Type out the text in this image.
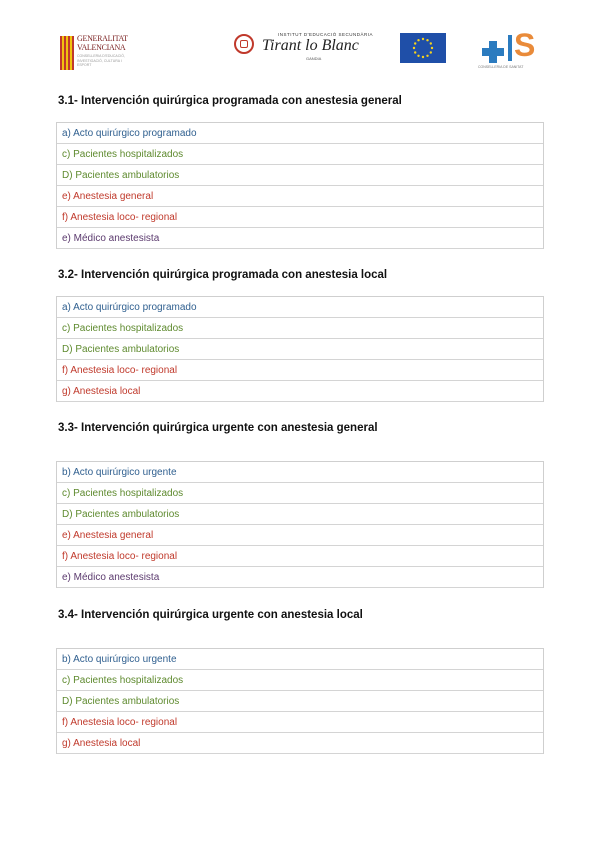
GENERALITAT VALENCIANA
CONSELLERIA D'EDUCACIÓ, INVESTIGACIÓ, CULTURA I ESPORT
INSTITUT D'EDUCACIÓ SECUNDÀRIA
Tirant lo Blanc
GANDIA	S
CONSELLERIA DE SANITAT
3.1- Intervención quirúrgica programada con anestesia general
a) Acto quirúrgico programado
c) Pacientes hospitalizados
D) Pacientes ambulatorios
e) Anestesia general
f) Anestesia loco- regional
e) Médico anestesista
3.2- Intervención quirúrgica programada con anestesia local
a) Acto quirúrgico programado
c) Pacientes hospitalizados
D) Pacientes ambulatorios
f) Anestesia loco- regional
g) Anestesia local
3.3- Intervención quirúrgica urgente con anestesia general
b) Acto quirúrgico urgente
c) Pacientes hospitalizados
D) Pacientes ambulatorios
e) Anestesia general
f) Anestesia loco- regional
e) Médico anestesista
3.4- Intervención quirúrgica urgente con anestesia local
b) Acto quirúrgico urgente
c) Pacientes hospitalizados
D) Pacientes ambulatorios
f) Anestesia loco- regional
g) Anestesia local
